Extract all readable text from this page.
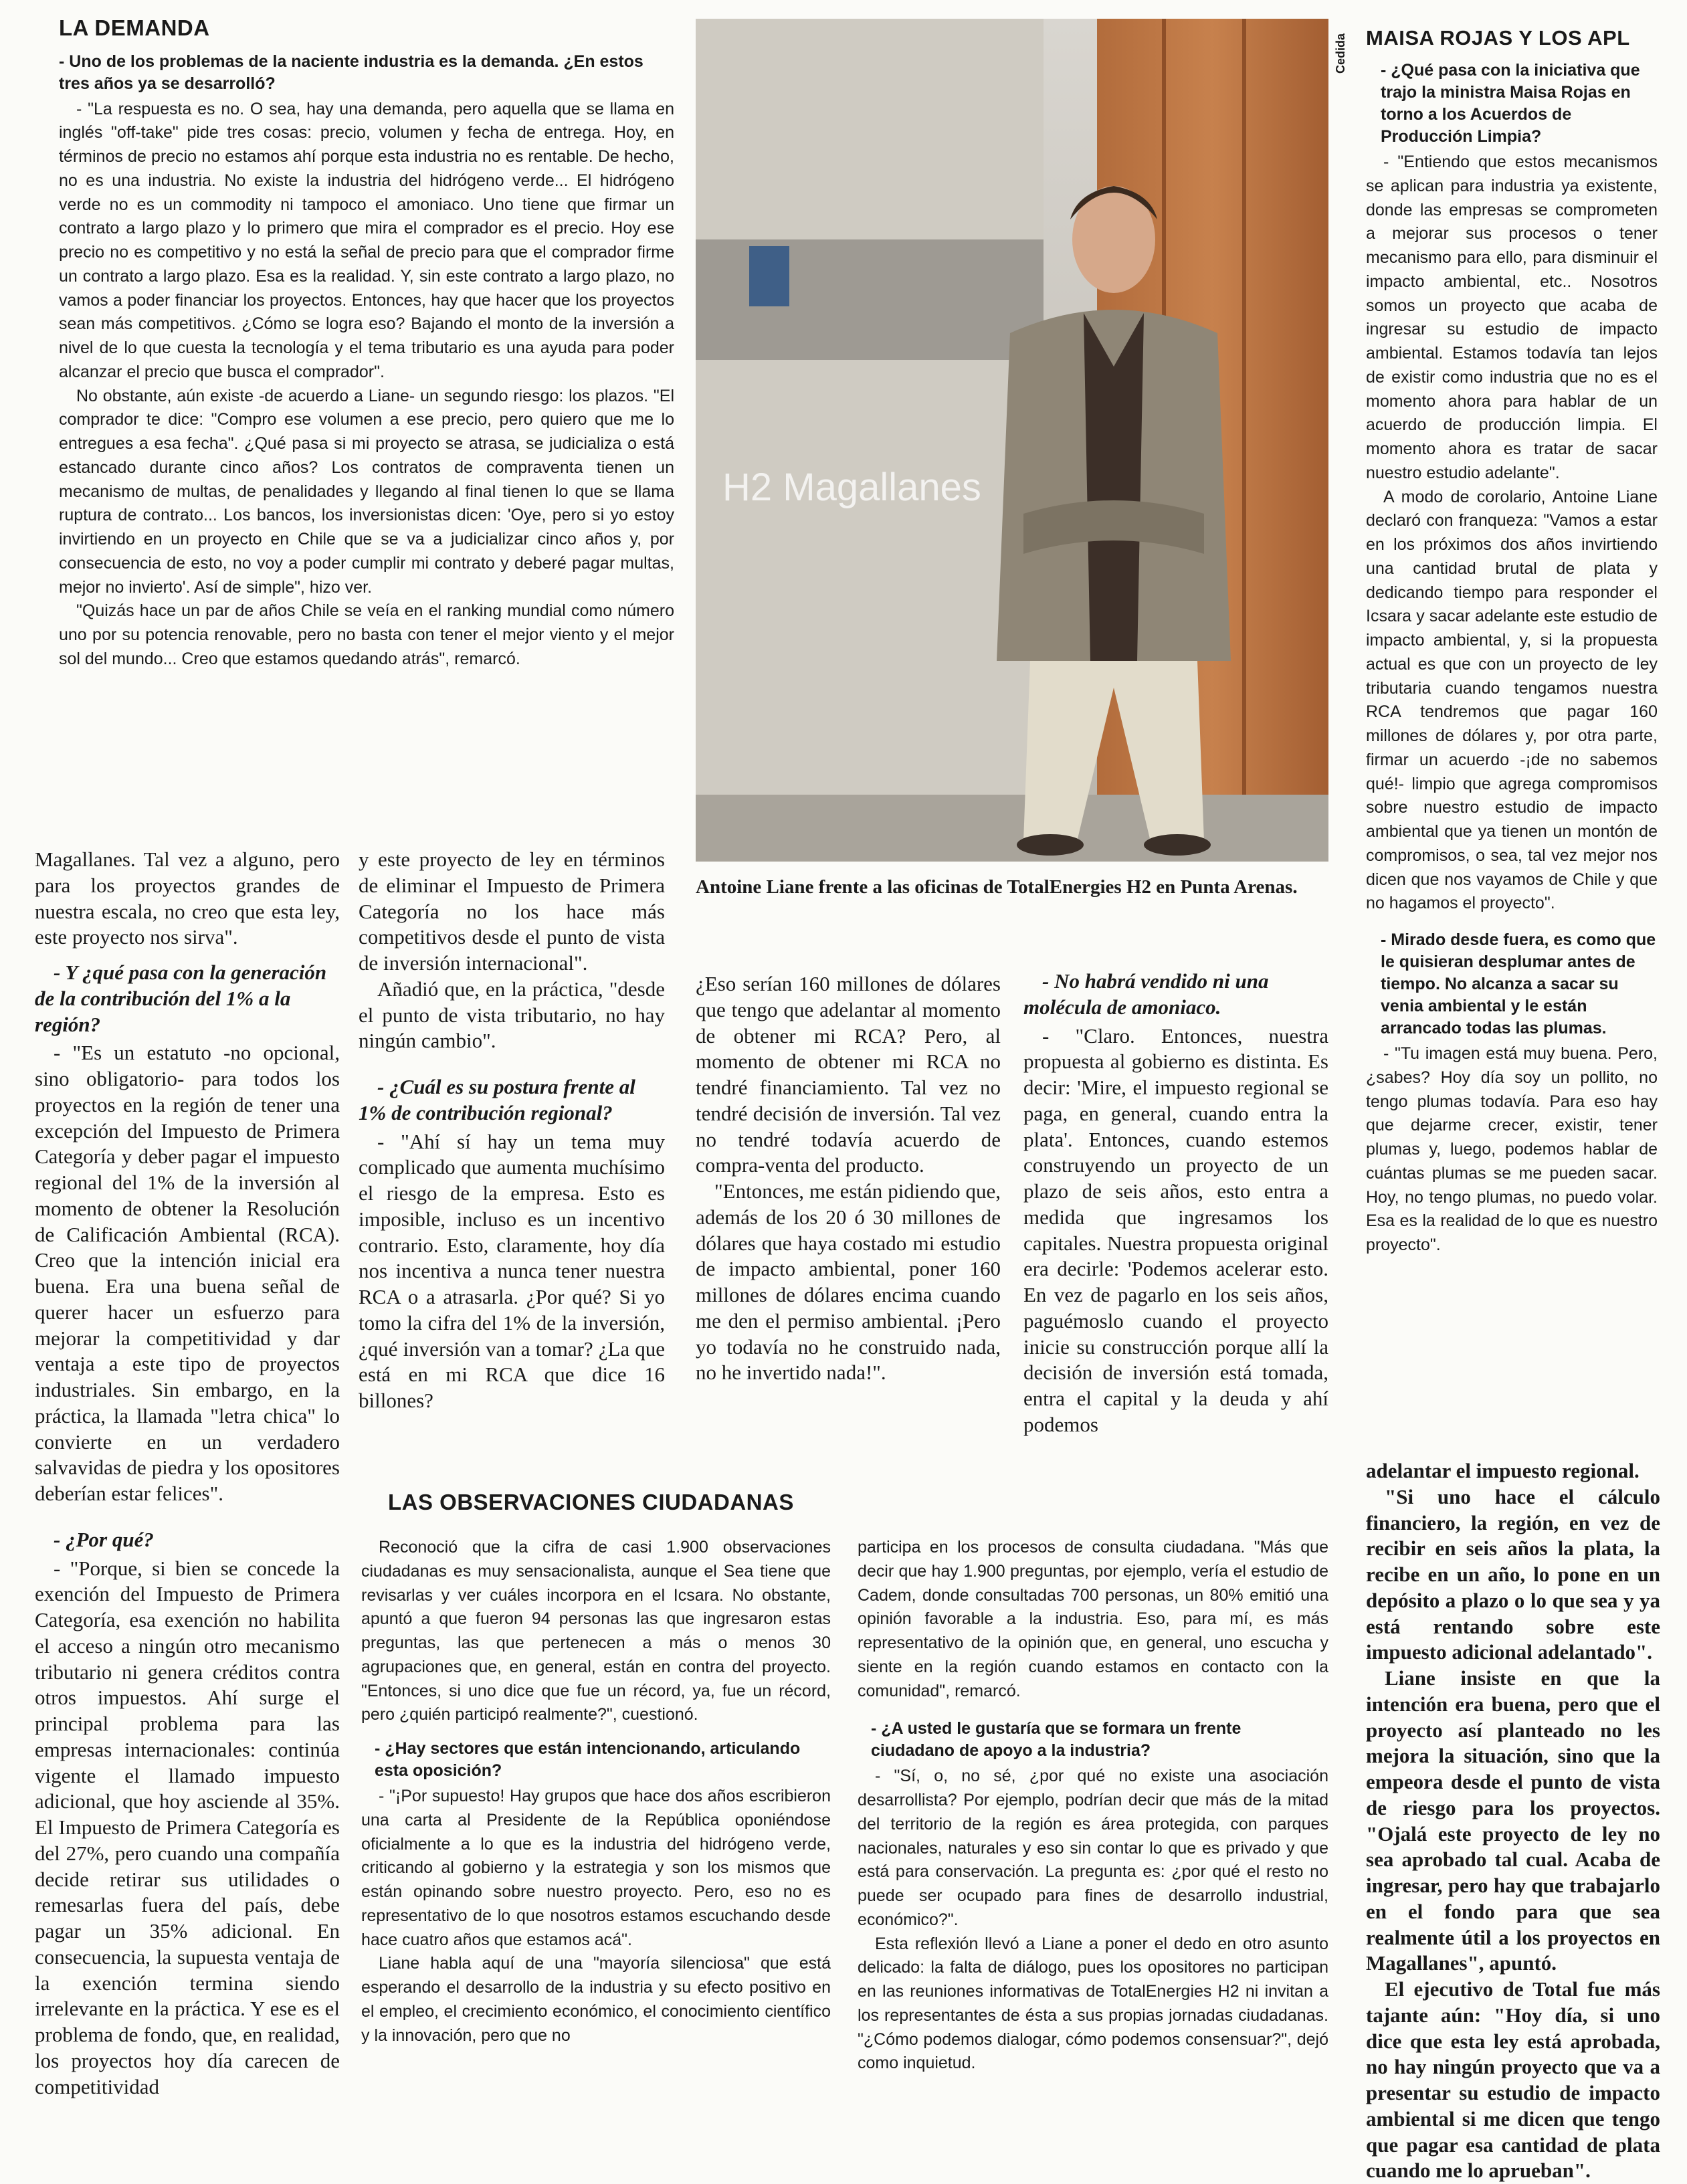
LA DEMANDA

- Uno de los problemas de la naciente industria es la demanda. ¿En estos tres años ya se desarrolló?

- "La respuesta es no. O sea, hay una demanda, pero aquella que se llama en inglés "off-take" pide tres cosas: precio, volumen y fecha de entrega. Hoy, en términos de precio no estamos ahí porque esta industria no es rentable. De hecho, no es una industria. No existe la industria del hidrógeno verde... El hidrógeno verde no es un commodity ni tampoco el amoniaco. Uno tiene que firmar un contrato a largo plazo y lo primero que mira el comprador es el precio. Hoy ese precio no es competitivo y no está la señal de precio para que el comprador firme un contrato a largo plazo. Esa es la realidad. Y, sin este contrato a largo plazo, no vamos a poder financiar los proyectos. Entonces, hay que hacer que los proyectos sean más competitivos. ¿Cómo se logra eso? Bajando el monto de la inversión a nivel de lo que cuesta la tecnología y el tema tributario es una ayuda para poder alcanzar el precio que busca el comprador".

No obstante, aún existe -de acuerdo a Liane- un segundo riesgo: los plazos. "El comprador te dice: "Compro ese volumen a ese precio, pero quiero que me lo entregues a esa fecha". ¿Qué pasa si mi proyecto se atrasa, se judicializa o está estancado durante cinco años? Los contratos de compraventa tienen un mecanismo de multas, de penalidades y llegando al final tienen lo que se llama ruptura de contrato... Los bancos, los inversionistas dicen: 'Oye, pero si yo estoy invirtiendo en un proyecto en Chile que se va a judicializar cinco años y, por consecuencia de esto, no voy a poder cumplir mi contrato y deberé pagar multas, mejor no invierto'. Así de simple", hizo ver.

"Quizás hace un par de años Chile se veía en el ranking mundial como número uno por su potencia renovable, pero no basta con tener el mejor viento y el mejor sol del mundo... Creo que estamos quedando atrás", remarcó.

H2 Magallanes
Cedida

Antoine Liane frente a las oficinas de TotalEnergies H2 en Punta Arenas.

MAISA ROJAS Y LOS APL

- ¿Qué pasa con la iniciativa que trajo la ministra Maisa Rojas en torno a los Acuerdos de Producción Limpia?

- "Entiendo que estos mecanismos se aplican para industria ya existente, donde las empresas se comprometen a mejorar sus procesos o tener mecanismo para ello, para disminuir el impacto ambiental, etc.. Nosotros somos un proyecto que acaba de ingresar su estudio de impacto ambiental. Estamos todavía tan lejos de existir como industria que no es el momento ahora para hablar de un acuerdo de producción limpia. El momento ahora es tratar de sacar nuestro estudio adelante".

A modo de corolario, Antoine Liane declaró con franqueza: "Vamos a estar en los próximos dos años invirtiendo una cantidad brutal de plata y dedicando tiempo para responder el Icsara y sacar adelante este estudio de impacto ambiental, y, si la propuesta actual es que con un proyecto de ley tributaria cuando tengamos nuestra RCA tendremos que pagar 160 millones de dólares y, por otra parte, firmar un acuerdo -¡de no sabemos qué!- limpio que agrega compromisos sobre nuestro estudio de impacto ambiental que ya tienen un montón de compromisos, o sea, tal vez mejor nos dicen que nos vayamos de Chile y que no hagamos el proyecto".

- Mirado desde fuera, es como que le quisieran desplumar antes de tiempo. No alcanza a sacar su venia ambiental y le están arrancado todas las plumas.

- "Tu imagen está muy buena. Pero, ¿sabes? Hoy día soy un pollito, no tengo plumas todavía. Para eso hay que dejarme crecer, existir, tener plumas y, luego, podemos hablar de cuántas plumas se me pueden sacar. Hoy, no tengo plumas, no puedo volar. Esa es la realidad de lo que es nuestro proyecto".

Magallanes. Tal vez a alguno, pero para los proyectos grandes de nuestra escala, no creo que esta ley, este proyecto nos sirva".

- Y ¿qué pasa con la generación de la contribución del 1% a la región?

- "Es un estatuto -no opcional, sino obligatorio- para todos los proyectos en la región de tener una excepción del Impuesto de Primera Categoría y deber pagar el impuesto regional del 1% de la inversión al momento de obtener la Resolución de Calificación Ambiental (RCA). Creo que la intención inicial era buena. Era una buena señal de querer hacer un esfuerzo para mejorar la competitividad y dar ventaja a este tipo de proyectos industriales. Sin embargo, en la práctica, la llamada "letra chica" lo convierte en un verdadero salvavidas de piedra y los opositores deberían estar felices".

- ¿Por qué?

- "Porque, si bien se concede la exención del Impuesto de Primera Categoría, esa exención no habilita el acceso a ningún otro mecanismo tributario ni genera créditos contra otros impuestos. Ahí surge el principal problema para las empresas internacionales: continúa vigente el llamado impuesto adicional, que hoy asciende al 35%. El Impuesto de Primera Categoría es del 27%, pero cuando una compañía decide retirar sus utilidades o remesarlas fuera del país, debe pagar un 35% adicional. En consecuencia, la supuesta ventaja de la exención termina siendo irrelevante en la práctica. Y ese es el problema de fondo, que, en realidad, los proyectos hoy día carecen de competitividad

y este proyecto de ley en términos de eliminar el Impuesto de Primera Categoría no los hace más competitivos desde el punto de vista de inversión internacional".

Añadió que, en la práctica, "desde el punto de vista tributario, no hay ningún cambio".

- ¿Cuál es su postura frente al 1% de contribución regional?

- "Ahí sí hay un tema muy complicado que aumenta muchísimo el riesgo de la empresa. Esto es imposible, incluso es un incentivo contrario. Esto, claramente, hoy día nos incentiva a nunca tener nuestra RCA o a atrasarla. ¿Por qué? Si yo tomo la cifra del 1% de la inversión, ¿qué inversión van a tomar? ¿La que está en mi RCA que dice 16 billones?

¿Eso serían 160 millones de dólares que tengo que adelantar al momento de obtener mi RCA? Pero, al momento de obtener mi RCA no tendré financiamiento. Tal vez no tendré decisión de inversión. Tal vez no tendré todavía acuerdo de compra-venta del producto.

"Entonces, me están pidiendo que, además de los 20 ó 30 millones de dólares que haya costado mi estudio de impacto ambiental, poner 160 millones de dólares encima cuando me den el permiso ambiental. ¡Pero yo todavía no he construido nada, no he invertido nada!".

- No habrá vendido ni una molécula de amoniaco.

- "Claro. Entonces, nuestra propuesta al gobierno es distinta. Es decir: 'Mire, el impuesto regional se paga, en general, cuando entra la plata'. Entonces, cuando estemos construyendo un proyecto de un plazo de seis años, esto entra a medida que ingresamos los capitales. Nuestra propuesta original era decirle: 'Podemos acelerar esto. En vez de pagarlo en los seis años, paguémoslo cuando el proyecto inicie su construcción porque allí la decisión de inversión está tomada, entra el capital y la deuda y ahí podemos

adelantar el impuesto regional.

"Si uno hace el cálculo financiero, la región, en vez de recibir en seis años la plata, la recibe en un año, lo pone en un depósito a plazo o lo que sea y ya está rentando sobre este impuesto adicional adelantado".

Liane insiste en que la intención era buena, pero que el proyecto así planteado no les mejora la situación, sino que la empeora desde el punto de vista de riesgo para los proyectos. "Ojalá este proyecto de ley no sea aprobado tal cual. Acaba de ingresar, pero hay que trabajarlo en el fondo para que sea realmente útil a los proyectos en Magallanes", apuntó.

El ejecutivo de Total fue más tajante aún: "Hoy día, si uno dice que esta ley está aprobada, no hay ningún proyecto que va a presentar su estudio de impacto ambiental si me dicen que tengo que pagar esa cantidad de plata cuando me lo aprueban".

LAS OBSERVACIONES CIUDADANAS

Reconoció que la cifra de casi 1.900 observaciones ciudadanas es muy sensacionalista, aunque el Sea tiene que revisarlas y ver cuáles incorpora en el Icsara. No obstante, apuntó a que fueron 94 personas las que ingresaron estas preguntas, las que pertenecen a más o menos 30 agrupaciones que, en general, están en contra del proyecto. "Entonces, si uno dice que fue un récord, ya, fue un récord, pero ¿quién participó realmente?", cuestionó.

- ¿Hay sectores que están intencionando, articulando esta oposición?

- "¡Por supuesto! Hay grupos que hace dos años escribieron una carta al Presidente de la República oponiéndose oficialmente a lo que es la industria del hidrógeno verde, criticando al gobierno y la estrategia y son los mismos que están opinando sobre nuestro proyecto. Pero, eso no es representativo de lo que nosotros estamos escuchando desde hace cuatro años que estamos acá".

Liane habla aquí de una "mayoría silenciosa" que está esperando el desarrollo de la industria y su efecto positivo en el empleo, el crecimiento económico, el conocimiento científico y la innovación, pero que no

participa en los procesos de consulta ciudadana. "Más que decir que hay 1.900 preguntas, por ejemplo, vería el estudio de Cadem, donde consultadas 700 personas, un 80% emitió una opinión favorable a la industria. Eso, para mí, es más representativo de la opinión que, en general, uno escucha y siente en la región cuando estamos en contacto con la comunidad", remarcó.

- ¿A usted le gustaría que se formara un frente ciudadano de apoyo a la industria?

- "Sí, o, no sé, ¿por qué no existe una asociación desarrollista? Por ejemplo, podrían decir que más de la mitad del territorio de la región es área protegida, con parques nacionales, naturales y eso sin contar lo que es privado y que está para conservación. La pregunta es: ¿por qué el resto no puede ser ocupado para fines de desarrollo industrial, económico?".

Esta reflexión llevó a Liane a poner el dedo en otro asunto delicado: la falta de diálogo, pues los opositores no participan en las reuniones informativas de TotalEnergies H2 ni invitan a los representantes de ésta a sus propias jornadas ciudadanas. "¿Cómo podemos dialogar, cómo podemos consensuar?", dejó como inquietud.
